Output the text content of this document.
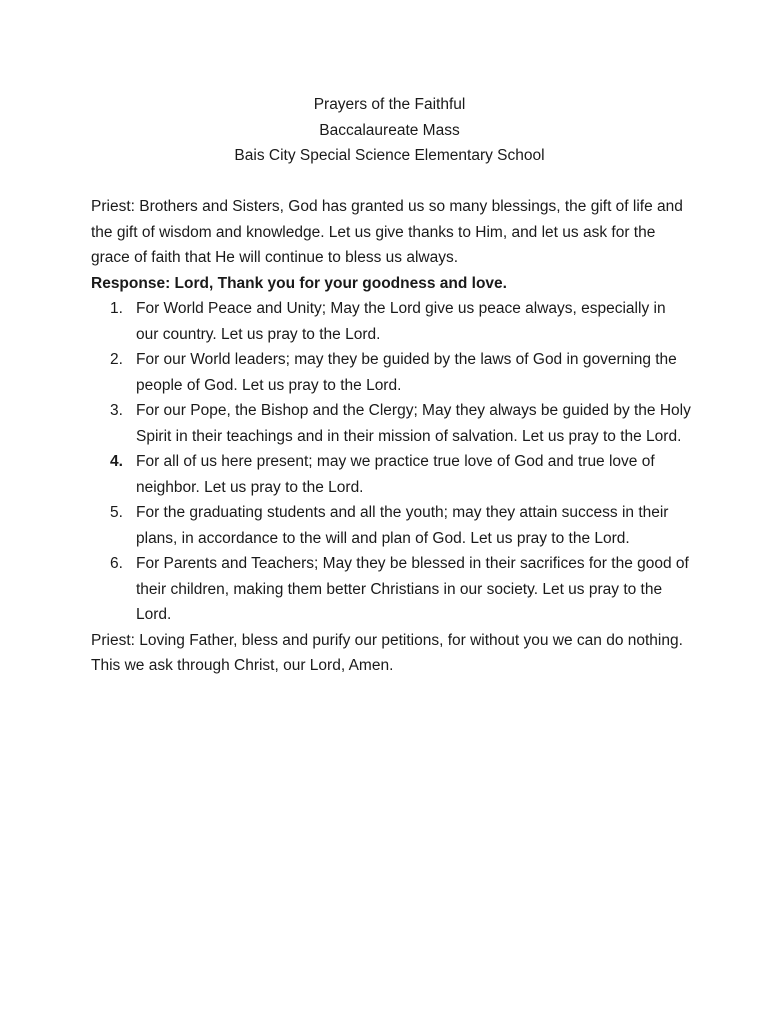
Prayers of the Faithful
Baccalaureate Mass
Bais City Special Science Elementary School

Priest: Brothers and Sisters, God has granted us so many blessings, the gift of life and the gift of wisdom and knowledge. Let us give thanks to Him, and let us ask for the grace of faith that He will continue to bless us always.

Response: Lord, Thank you for your goodness and love.

1. For World Peace and Unity; May the Lord give us peace always, especially in our country. Let us pray to the Lord.
2. For our World leaders; may they be guided by the laws of God in governing the people of God. Let us pray to the Lord.
3. For our Pope, the Bishop and the Clergy; May they always be guided by the Holy Spirit in their teachings and in their mission of salvation. Let us pray to the Lord.
4. For all of us here present; may we practice true love of God and true love of neighbor. Let us pray to the Lord.
5. For the graduating students and all the youth; may they attain success in their plans, in accordance to the will and plan of God. Let us pray to the Lord.
6. For Parents and Teachers; May they be blessed in their sacrifices for the good of their children, making them better Christians in our society. Let us pray to the Lord.

Priest: Loving Father, bless and purify our petitions, for without you we can do nothing. This we ask through Christ, our Lord, Amen.
